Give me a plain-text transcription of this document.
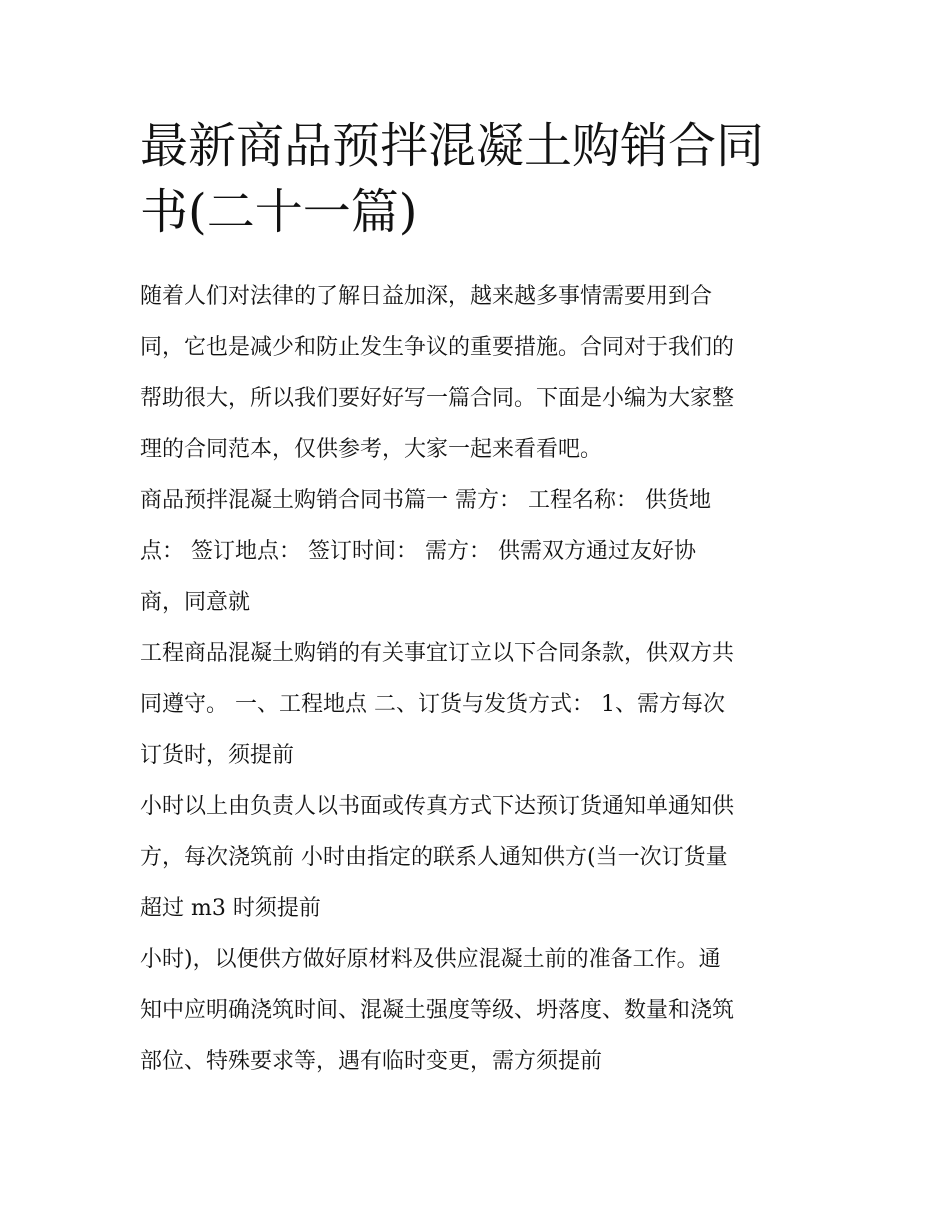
最新商品预拌混凝土购销合同
书(二十一篇)

随着人们对法律的了解日益加深，越来越多事情需要用到合
同，它也是减少和防止发生争议的重要措施。合同对于我们的
帮助很大，所以我们要好好写一篇合同。下面是小编为大家整
理的合同范本，仅供参考，大家一起来看看吧。

商品预拌混凝土购销合同书篇一 需方： 工程名称： 供货地
点： 签订地点： 签订时间： 需方： 供需双方通过友好协
商，同意就

工程商品混凝土购销的有关事宜订立以下合同条款，供双方共
同遵守。 一、工程地点 二、订货与发货方式： 1、需方每次
订货时，须提前

小时以上由负责人以书面或传真方式下达预订货通知单通知供
方，每次浇筑前 小时由指定的联系人通知供方(当一次订货量
超过 m3 时须提前

小时)，以便供方做好原材料及供应混凝土前的准备工作。通
知中应明确浇筑时间、混凝土强度等级、坍落度、数量和浇筑
部位、特殊要求等，遇有临时变更，需方须提前
